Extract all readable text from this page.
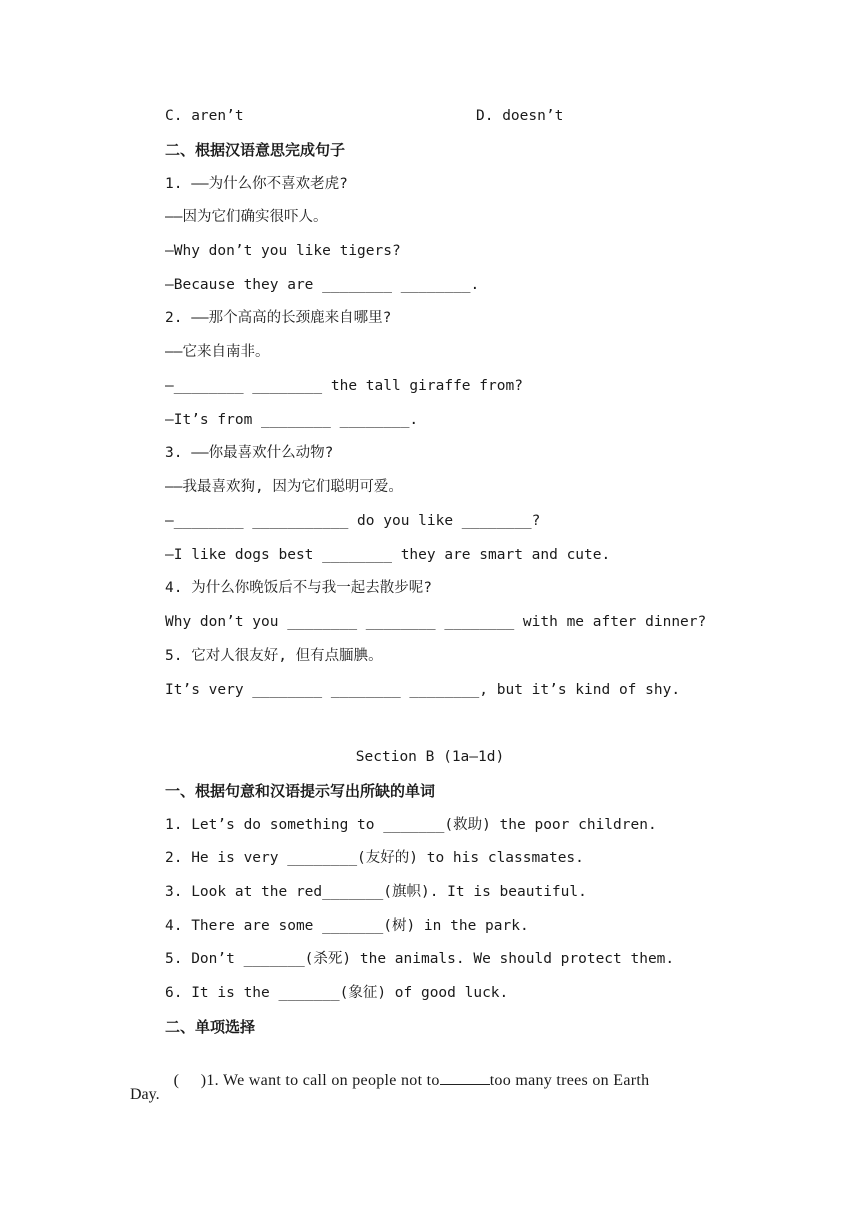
C. aren’t	D. doesn’t
二、根据汉语意思完成句子
1. ——为什么你不喜欢老虎?
——因为它们确实很吓人。
—Why don’t you like tigers?
—Because they are ________ ________.
2. ——那个高高的长颈鹿来自哪里?
——它来自南非。
—________ ________ the tall giraffe from?
—It’s from ________ ________.
3. ——你最喜欢什么动物?
——我最喜欢狗, 因为它们聪明可爱。
—________ ___________ do you like ________?
—I like dogs best ________ they are smart and cute.
4. 为什么你晚饭后不与我一起去散步呢?
Why don’t you ________ ________ ________ with me after dinner?
5. 它对人很友好, 但有点腼腆。
It’s very ________ ________ ________, but it’s kind of shy.
Section B (1a—1d)
一、根据句意和汉语提示写出所缺的单词
1. Let’s do something to _______(救助) the poor children.
2. He is very ________(友好的) to his classmates.
3. Look at the red_______(旗帜). It is beautiful.
4. There are some _______(树) in the park.
5. Don’t _______(杀死) the animals. We should protect them.
6. It is the _______(象征) of good luck.
二、单项选择

(     )1. We want to call on people not to	too many trees on Earth

Day.
